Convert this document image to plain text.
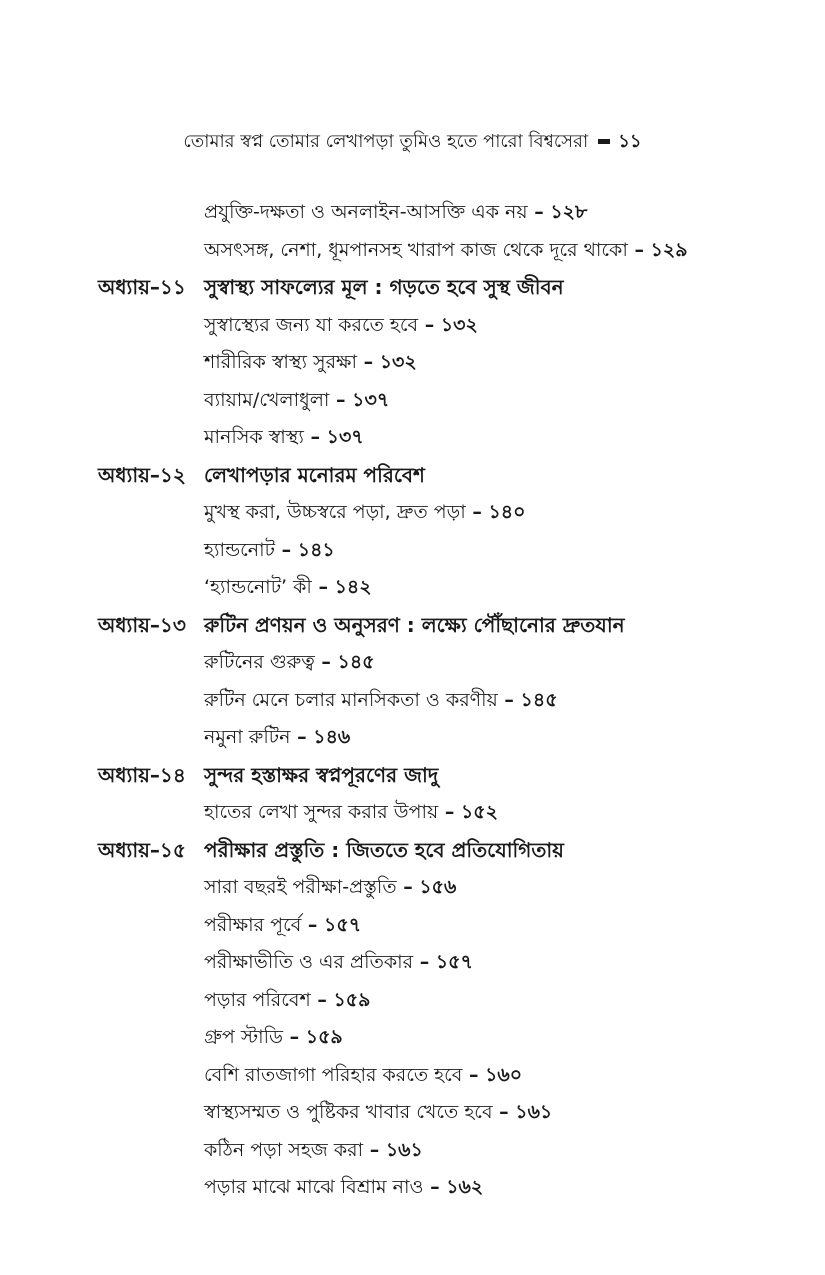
তোমার স্বপ্ন তোমার লেখাপড়া তুমিও হতে পারো বিশ্বসেরা ১১
প্রযুক্তি-দক্ষতা ও অনলাইন-আসক্তি এক নয় – ১২৮
অসৎসঙ্গ, নেশা, ধূমপানসহ খারাপ কাজ থেকে দূরে থাকো – ১২৯
অধ্যায়–১১ সুস্বাস্থ্য সাফল্যের মূল : গড়তে হবে সুস্থ জীবন
সুস্বাস্থ্যের জন্য যা করতে হবে – ১৩২
শারীরিক স্বাস্থ্য সুরক্ষা – ১৩২
ব্যায়াম/খেলাধুলা – ১৩৭
মানসিক স্বাস্থ্য – ১৩৭
অধ্যায়–১২ লেখাপড়ার মনোরম পরিবেশ
মুখস্থ করা, উচ্চস্বরে পড়া, দ্রুত পড়া – ১৪০
হ্যান্ডনোট – ১৪১
‘হ্যান্ডনোট’ কী – ১৪২
অধ্যায়–১৩ রুটিন প্রণয়ন ও অনুসরণ : লক্ষ্যে পৌঁছানোর দ্রুতযান
রুটিনের গুরুত্ব – ১৪৫
রুটিন মেনে চলার মানসিকতা ও করণীয় – ১৪৫
নমুনা রুটিন – ১৪৬
অধ্যায়–১৪ সুন্দর হস্তাক্ষর স্বপ্নপূরণের জাদু
হাতের লেখা সুন্দর করার উপায় – ১৫২
অধ্যায়–১৫ পরীক্ষার প্রস্তুতি : জিততে হবে প্রতিযোগিতায়
সারা বছরই পরীক্ষা-প্রস্তুতি – ১৫৬
পরীক্ষার পূর্বে – ১৫৭
পরীক্ষাভীতি ও এর প্রতিকার – ১৫৭
পড়ার পরিবেশ – ১৫৯
গ্রুপ স্টাডি – ১৫৯
বেশি রাতজাগা পরিহার করতে হবে – ১৬০
স্বাস্থ্যসম্মত ও পুষ্টিকর খাবার খেতে হবে – ১৬১
কঠিন পড়া সহজ করা – ১৬১
পড়ার মাঝে মাঝে বিশ্রাম নাও – ১৬২
